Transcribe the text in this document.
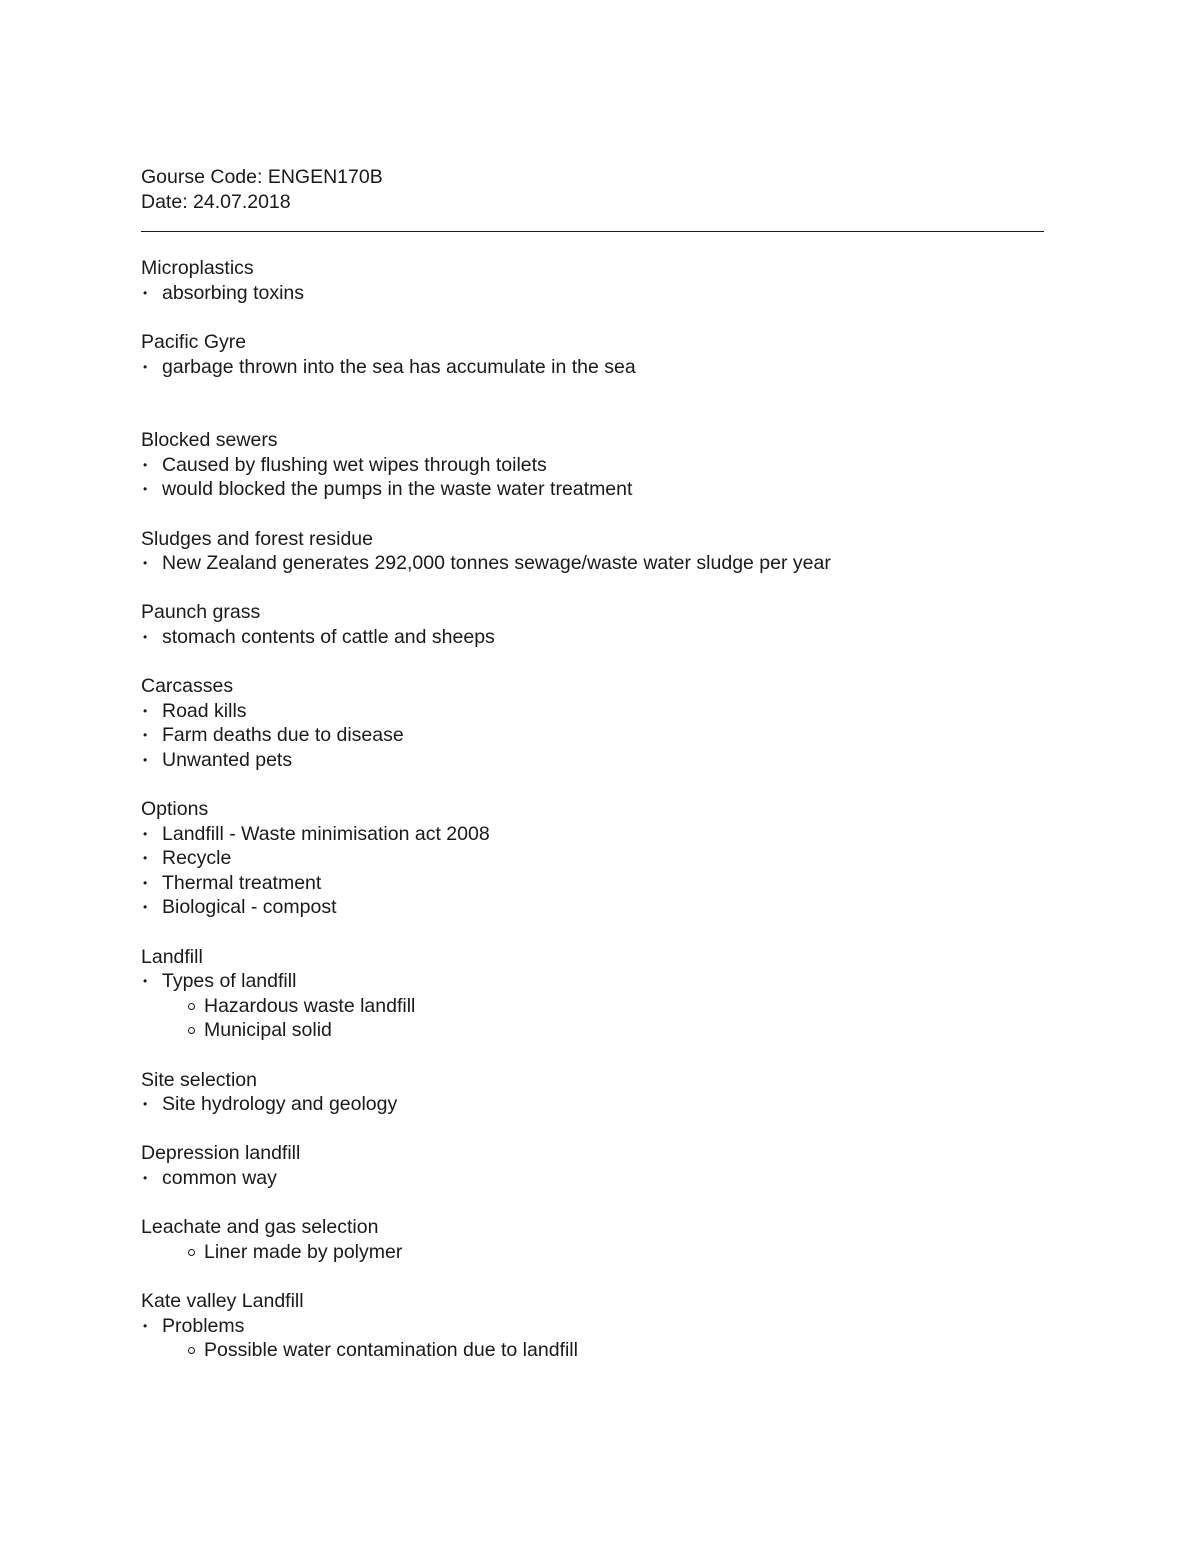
Gourse Code: ENGEN170B
Date: 24.07.2018
Microplastics
• absorbing toxins
Pacific Gyre
• garbage thrown into the sea has accumulate in the sea
Blocked sewers
• Caused by flushing wet wipes through toilets
• would blocked the pumps in the waste water treatment
Sludges and forest residue
• New Zealand generates 292,000 tonnes sewage/waste water sludge per year
Paunch grass
• stomach contents of cattle and sheeps
Carcasses
• Road kills
• Farm deaths due to disease
• Unwanted pets
Options
• Landfill - Waste minimisation act 2008
• Recycle
• Thermal treatment
• Biological - compost
Landfill
• Types of landfill
Hazardous waste landfill
Municipal solid
Site selection
• Site hydrology and geology
Depression landfill
• common way
Leachate and gas selection
Liner made by polymer
Kate valley Landfill
• Problems
Possible water contamination due to landfill
